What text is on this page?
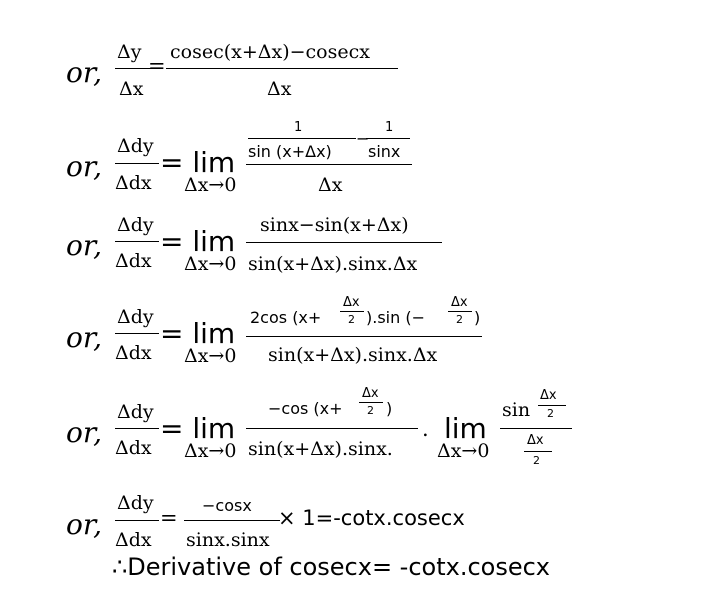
or,
Δy
Δx
=
cosec(x+Δx)−cosecx
Δx
or,
Δdy
Δdx
= lim
Δx→0
1
sin (x+Δx)
−
1
sinx
Δx
or,
Δdy
Δdx
= lim
Δx→0
sinx−sin(x+Δx)
sin(x+Δx).sinx.Δx
or,
Δdy
Δdx
= lim
Δx→0
2cos (x+
Δx
2 ).sin (−
Δx
2 )
sin(x+Δx).sinx.Δx
or,
Δdy
Δdx
= lim
Δx→0
−cos (x+
Δx
2 )
sin(x+Δx).sinx.
. lim
Δx→0
sin
Δx
2
Δx
2
or,
Δdy
Δdx
=
−cosx
sinx.sinx
× 1=-cotx.cosecx
∴Derivative of cosecx= -cotx.cosecx
